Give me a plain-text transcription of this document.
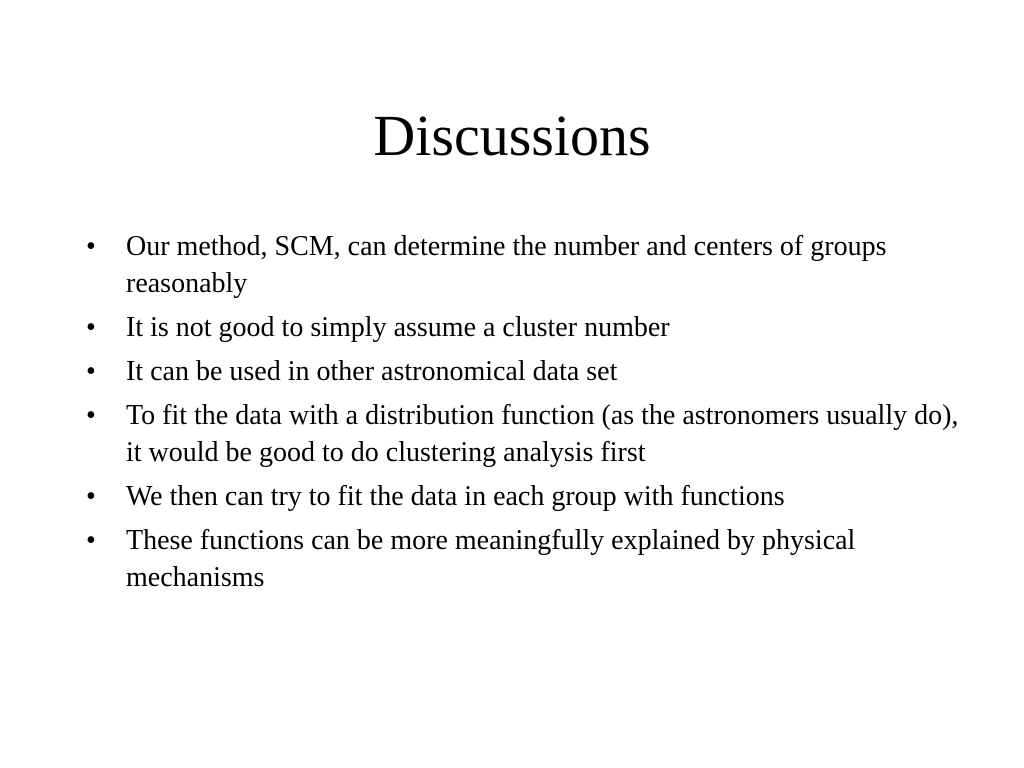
Discussions
•	Our method, SCM, can determine the number and centers of groups reasonably
•	It is not good to simply assume a cluster number
•	It can be used in other astronomical data set
•	To fit the data with a distribution function (as the astronomers usually do), it would be good to do clustering analysis first
•	We then can try to fit the data in each group with functions
•	These functions can be more meaningfully explained by physical mechanisms
